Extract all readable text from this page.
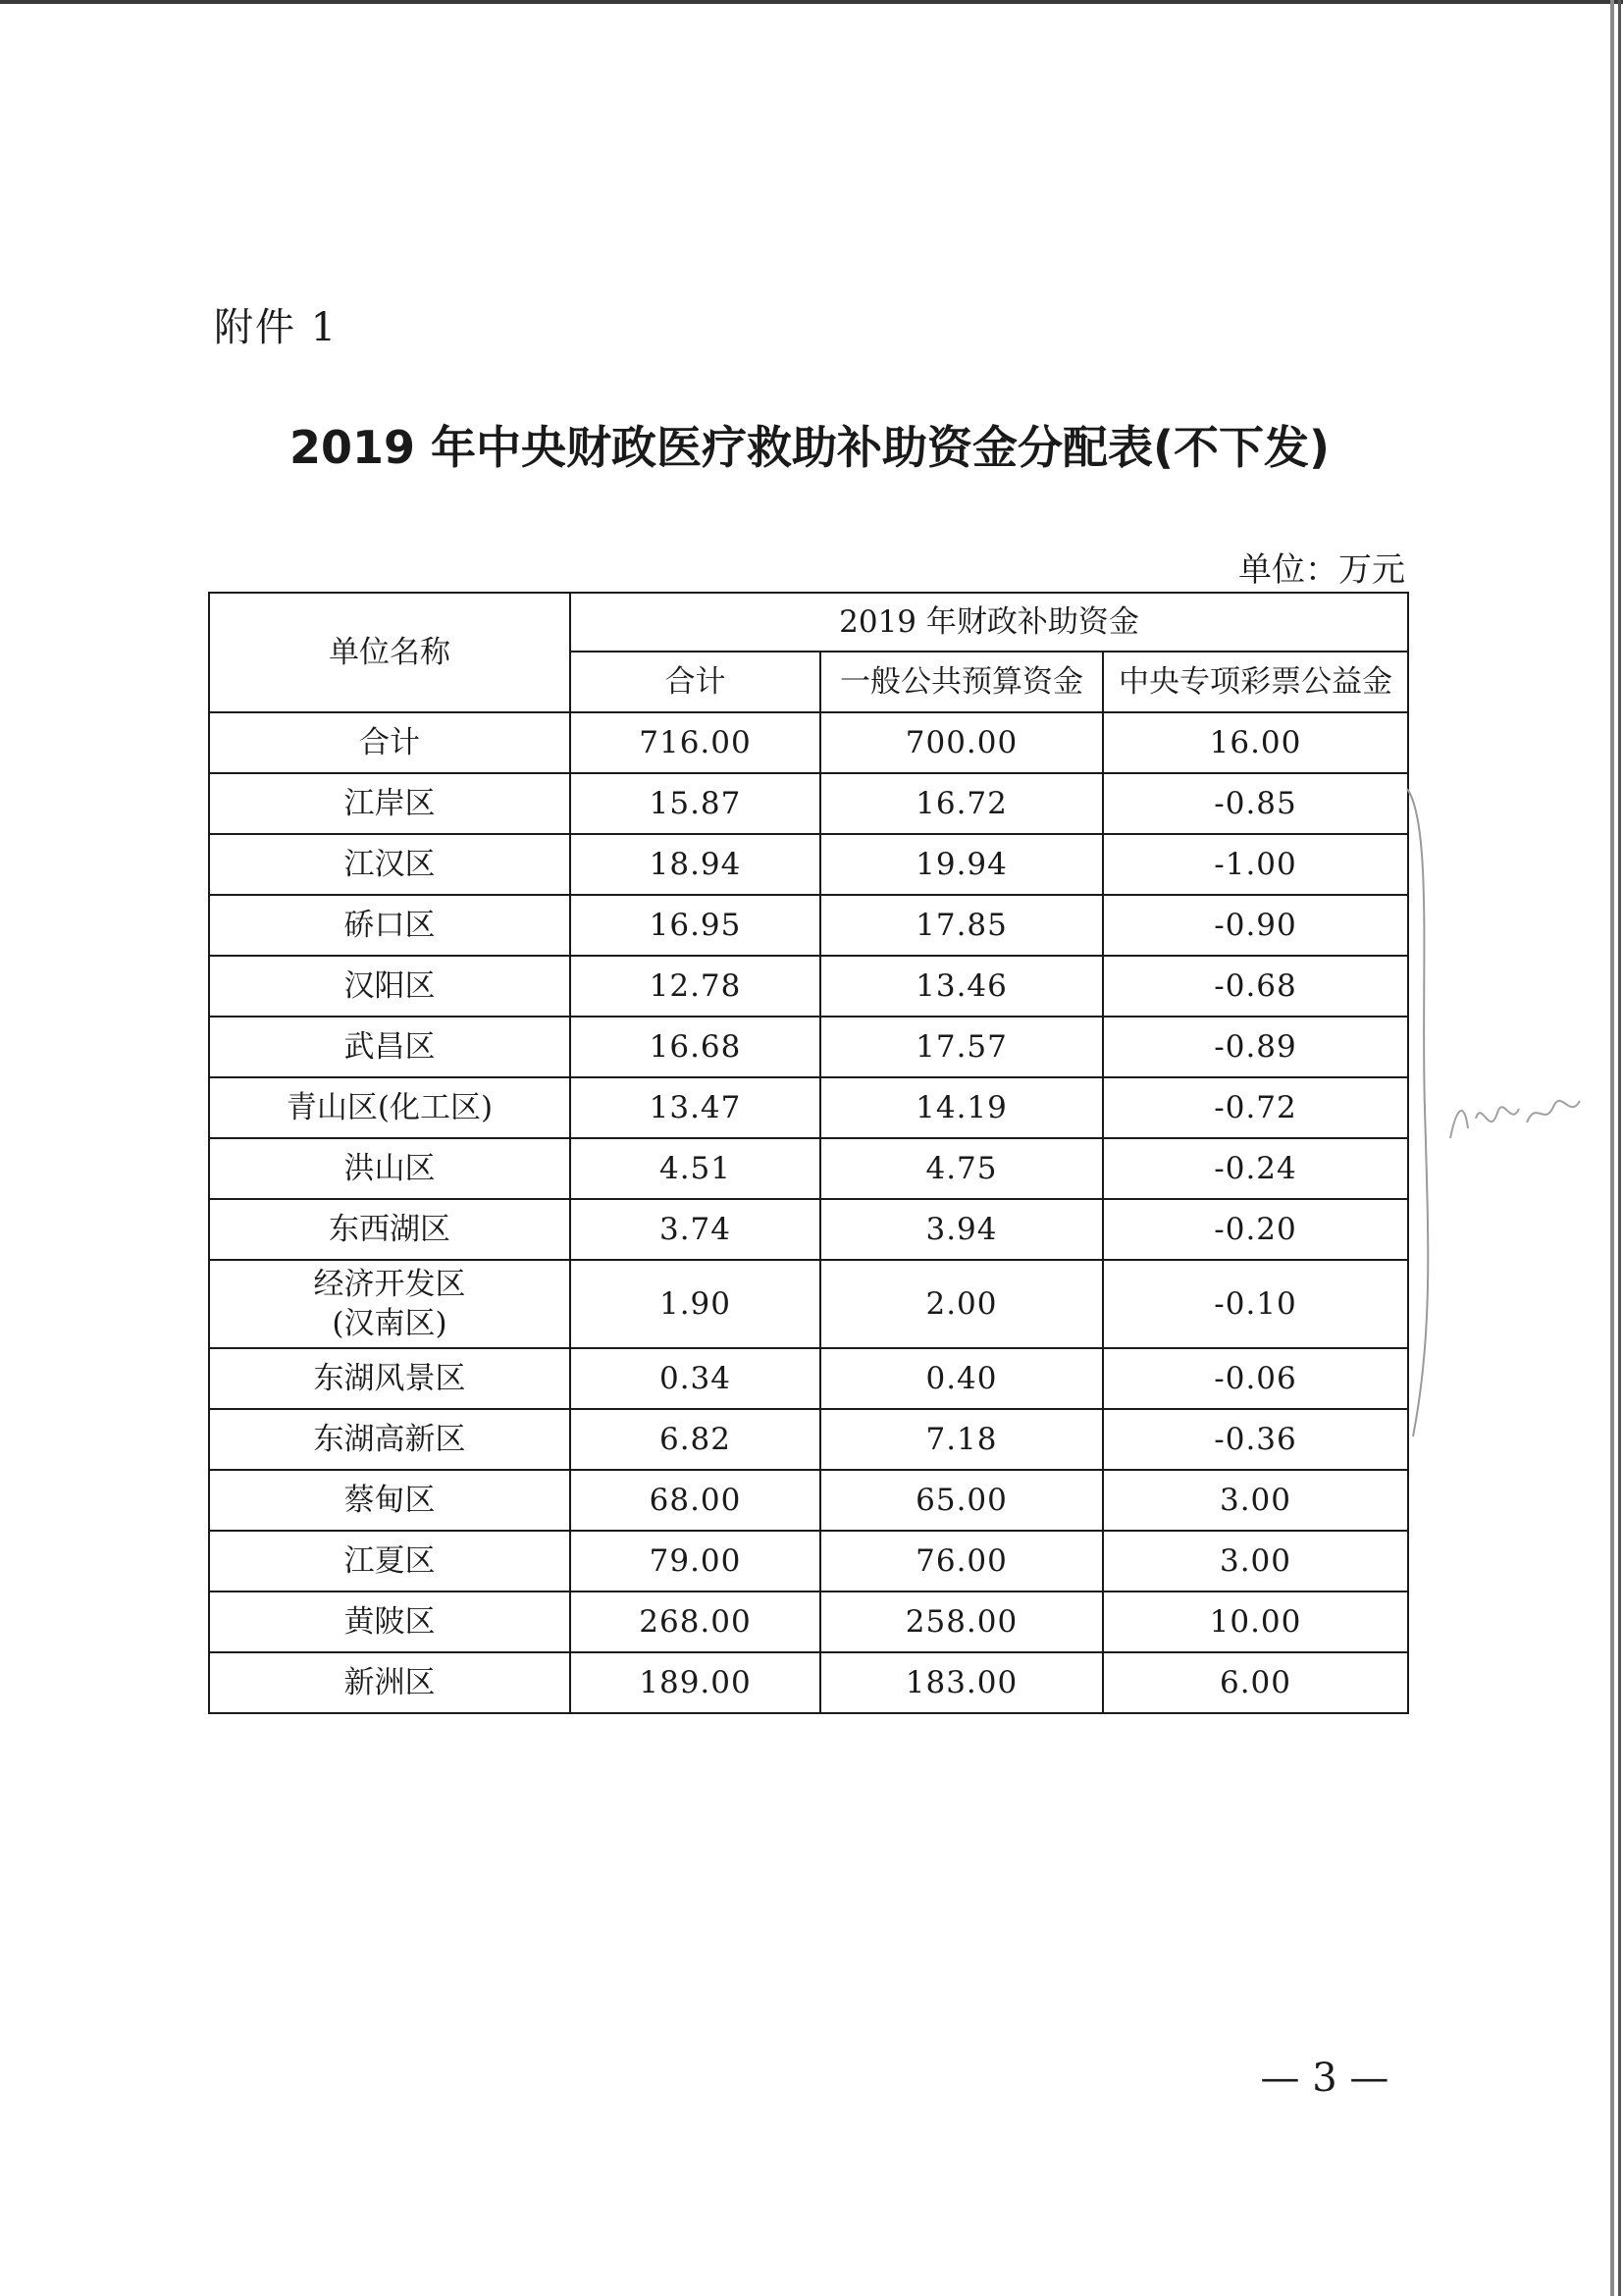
附件 1
2019 年中央财政医疗救助补助资金分配表(不下发)
单位：万元
单位名称	2019 年财政补助资金		
	合计	一般公共预算资金	中央专项彩票公益金
合计	716.00	700.00	16.00
江岸区	15.87	16.72	-0.85
江汉区	18.94	19.94	-1.00
硚口区	16.95	17.85	-0.90
汉阳区	12.78	13.46	-0.68
武昌区	16.68	17.57	-0.89
青山区(化工区)	13.47	14.19	-0.72
洪山区	4.51	4.75	-0.24
东西湖区	3.74	3.94	-0.20

经济开发区
(汉南区)	1.90	2.00	-0.10
东湖风景区	0.34	0.40	-0.06
东湖高新区	6.82	7.18	-0.36
蔡甸区	68.00	65.00	3.00
江夏区	79.00	76.00	3.00
黄陂区	268.00	258.00	10.00
新洲区	189.00	183.00	6.00
— 3 —
